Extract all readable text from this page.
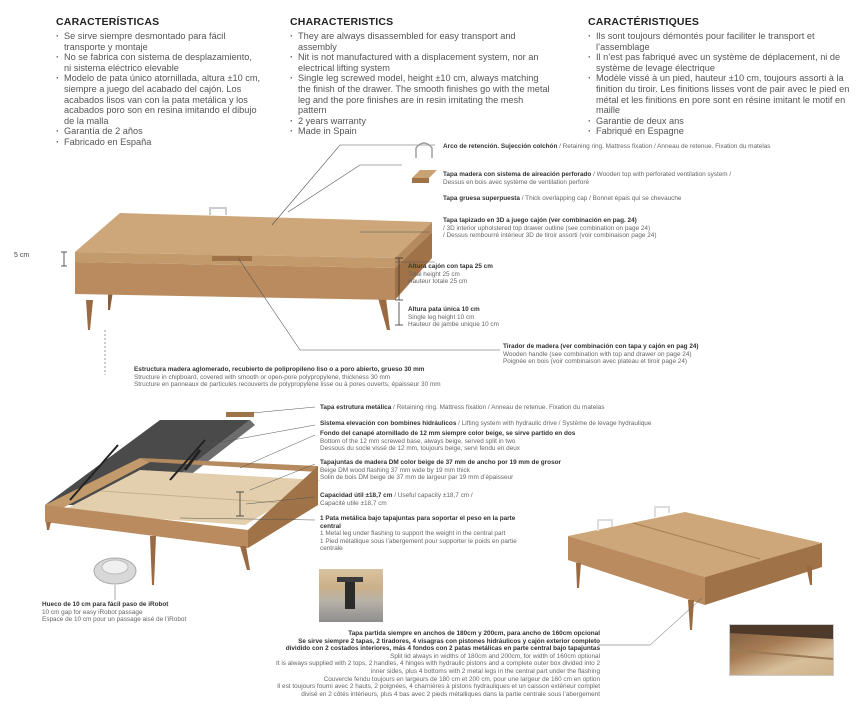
CARACTERÍSTICAS
· Se sirve siempre desmontado para fácil transporte y montaje
· No se fabrica con sistema de desplazamiento, ni sistema eléctrico elevable
· Modelo de pata único atornillada, altura ±10 cm, siempre a juego del acabado del cajón. Los acabados lisos van con la pata metálica y los acabados poro son en resina imitando el dibujo de la malla
· Garantía de 2 años
· Fabricado en España
CHARACTERISTICS
· They are always disassembled for easy transport and assembly
· Nit is not manufactured with a displacement system, nor an electrical lifting system
· Single leg screwed model, height ±10 cm, always matching the finish of the drawer. The smooth finishes go with the metal leg and the pore finishes are in resin imitating the mesh pattern
· 2 years warranty
· Made in Spain
CARACTÉRISTIQUES
· Ils sont toujours démontés pour faciliter le transport et l’assemblage
· Il n’est pas fabriqué avec un système de déplacement, ni de système de levage électrique
· Modèle vissé à un pied, hauteur ±10 cm, toujours assorti à la finition du tiroir. Les finitions lisses vont de pair avec le pied en métal et les finitions en pore sont en résine imitant le motif en maille
· Garantie de deux ans
· Fabriqué en Espagne
5 cm
Arco de retención. Sujección colchón / Retaining ring. Mattress fixation / Anneau de retenue. Fixation du matelas
Tapa madera con sistema de aireación perforado / Wooden top with perforated ventilation system /
Dessus en bois avec système de ventilation perforé
Tapa gruesa superpuesta / Thick overlapping cap / Bonnet épais qui se chevauche
Tapa tapizado en 3D a juego cajón (ver combinación en pag. 24)
/ 3D interior upholstered top drawer outline (see combination on page 24)
/ Dessus rembourré intérieur 3D de tiroir assorti (voir combinaison page 24)
Altura cajón con tapa 25 cm
Total height 25 cm
Hauteur totale 25 cm
Altura pata única 10 cm
Single leg height 10 cm
Hauteur de jambe unique 10 cm
Tirador de madera (ver combinación con tapa y cajón en pag 24)
Wooden handle (see combination with top and drawer on page 24)
Poignée en bois (voir combinaison avec plateau et tiroir page 24)
Estructura madera aglomerado, recubierto de polipropileno liso o a poro abierto, grueso 30 mm
Structure in chipboard, covered with smooth or open-pore polypropylene, thickness 30 mm
Structure en panneaux de particules recouverts de polypropylène lisse ou à pores ouverts, épaisseur 30 mm
Tapa estrutura metálica / Retaining ring. Mattress fixation / Anneau de retenue. Fixation du matelas
Sistema elevación con bombines hidráulicos / Lifting system with hydraulic drive / Système de levage hydraulique
Fondo del canapé atornillado de 12 mm siempre color beige, se sirve partido en dos
Bottom of the 12 mm screwed base, always beige, served split in two
Dessous du socle vissé de 12 mm, toujours beige, servi fendu en deux
Tapajuntas de madera DM color beige de 37 mm de ancho por 19 mm de grosor
Beige DM wood flashing 37 mm wide by 19 mm thick
Solin de bois DM beige de 37 mm de largeur par 19 mm d’épaisseur
Capacidad útil ±18,7 cm / Useful capacity ±18,7 cm /
Capacité utile ±18,7 cm
1 Pata metálica bajo tapajuntas para soportar el peso en la parte central
1 Metal leg under flashing to support the weight in the central part
1 Pied métallique sous l’abergement pour supporter le poids en partie centrale
Hueco de 10 cm para fácil paso de iRobot
10 cm gap for easy iRobot passage
Espace de 10 cm pour un passage aisé de l’iRobot
Tapa partida siempre en anchos de 180cm y 200cm, para ancho de 160cm opcional
Se sirve siempre 2 tapas, 2 tiradores, 4 visagras con pistones hidráulicos y cajón exterior completo
dividido con 2 costados interiores, más 4 fondos con 2 patas metálicas en parte central bajo tapajuntas
Split lid always in widths of 180cm and 200cm, for width of 160cm optional
It is always supplied with 2 tops, 2 handles, 4 hinges with hydraulic pistons and a complete outer box divided into 2
inner sides, plus 4 bottoms with 2 metal legs in the central part under the flashing
Couvercle fendu toujours en largeurs de 180 cm et 200 cm, pour une largeur de 160 cm en option
Il est toujours fourni avec 2 hauts, 2 poignées, 4 charnières à pistons hydrauliques et un caisson extérieur complet
divisé en 2 côtés intérieurs, plus 4 bas avec 2 pieds métalliques dans la partie centrale sous l’abergement
